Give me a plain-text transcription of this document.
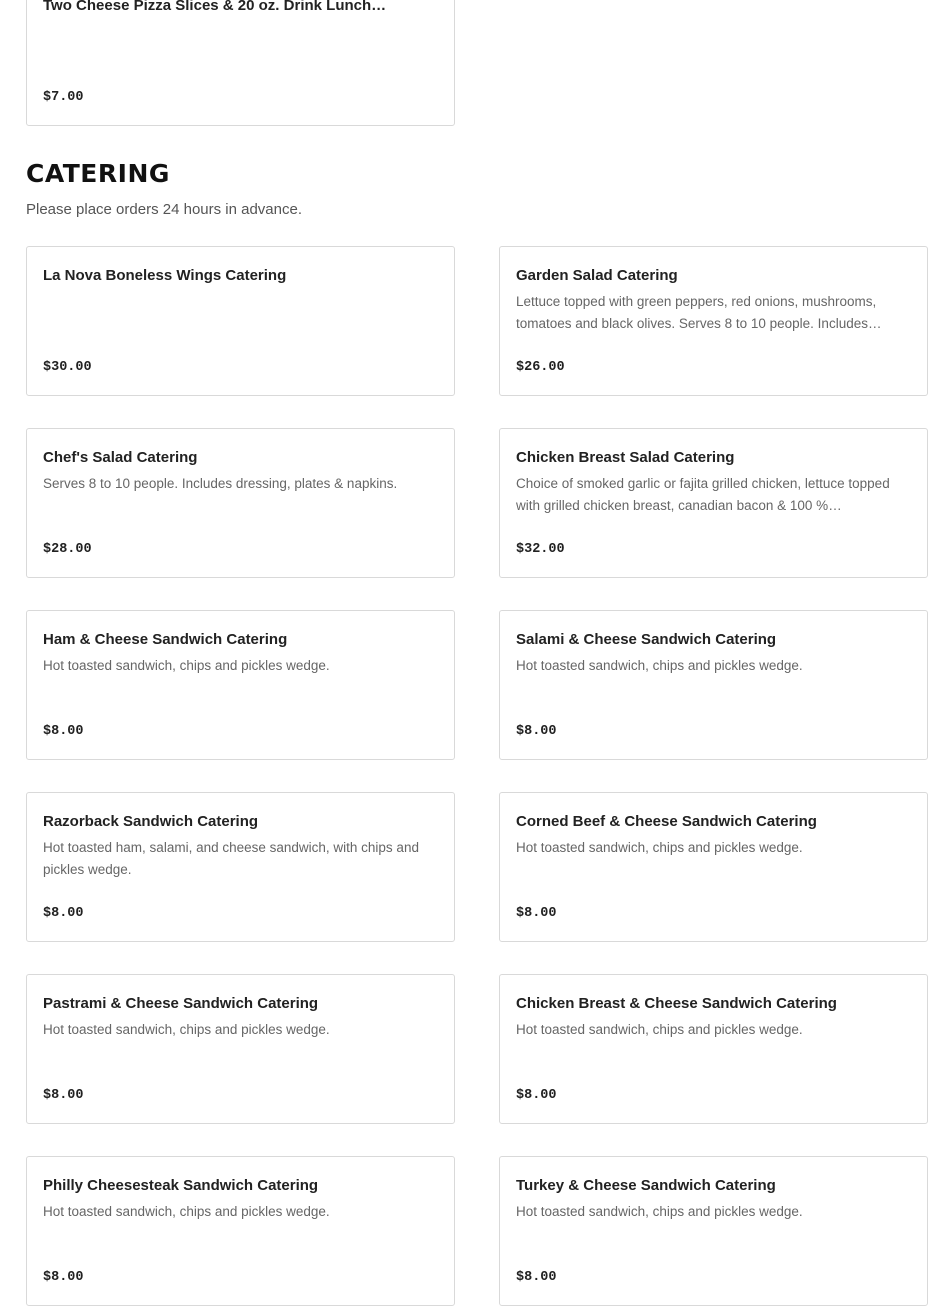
Two Cheese Pizza Slices & 20 oz. Drink Lunch…
$7.00
CATERING
Please place orders 24 hours in advance.
La Nova Boneless Wings Catering
$30.00
Garden Salad Catering
Lettuce topped with green peppers, red onions, mushrooms, tomatoes and black olives. Serves 8 to 10 people. Includes…
$26.00
Chef's Salad Catering
Serves 8 to 10 people. Includes dressing, plates & napkins.
$28.00
Chicken Breast Salad Catering
Choice of smoked garlic or fajita grilled chicken, lettuce topped with grilled chicken breast, canadian bacon & 100 %…
$32.00
Ham & Cheese Sandwich Catering
Hot toasted sandwich, chips and pickles wedge.
$8.00
Salami & Cheese Sandwich Catering
Hot toasted sandwich, chips and pickles wedge.
$8.00
Razorback Sandwich Catering
Hot toasted ham, salami, and cheese sandwich, with chips and pickles wedge.
$8.00
Corned Beef & Cheese Sandwich Catering
Hot toasted sandwich, chips and pickles wedge.
$8.00
Pastrami & Cheese Sandwich Catering
Hot toasted sandwich, chips and pickles wedge.
$8.00
Chicken Breast & Cheese Sandwich Catering
Hot toasted sandwich, chips and pickles wedge.
$8.00
Philly Cheesesteak Sandwich Catering
Hot toasted sandwich, chips and pickles wedge.
$8.00
Turkey & Cheese Sandwich Catering
Hot toasted sandwich, chips and pickles wedge.
$8.00
